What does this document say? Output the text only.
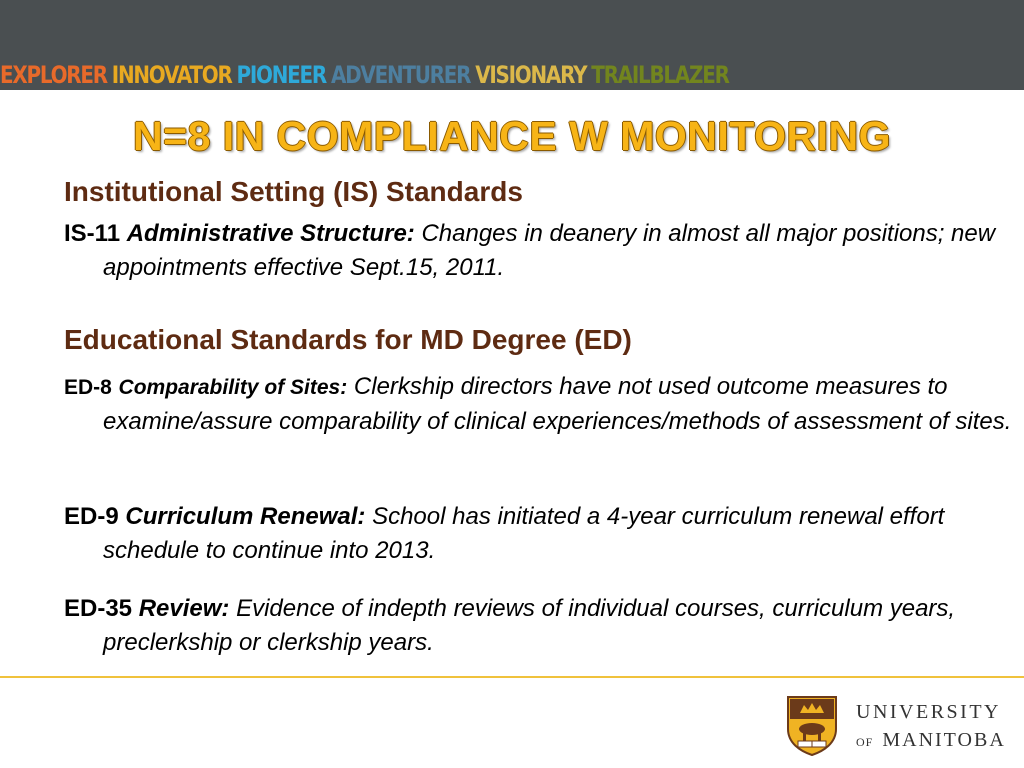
EXPLORER INNOVATOR PIONEER ADVENTURER VISIONARY TRAILBLAZER
N=8 IN COMPLIANCE W MONITORING
Institutional Setting (IS) Standards
IS-11 Administrative Structure: Changes in deanery in almost all major positions; new appointments effective Sept.15, 2011.
Educational Standards for MD Degree (ED)
ED-8 Comparability of Sites: Clerkship directors have not used outcome measures to examine/assure comparability of clinical experiences/methods of assessment of sites.
ED-9 Curriculum Renewal: School has initiated a 4-year curriculum renewal effort schedule to continue into 2013.
ED-35 Review: Evidence of indepth reviews of individual courses, curriculum years, preclerkship or clerkship years.
UNIVERSITY
OF MANITOBA
